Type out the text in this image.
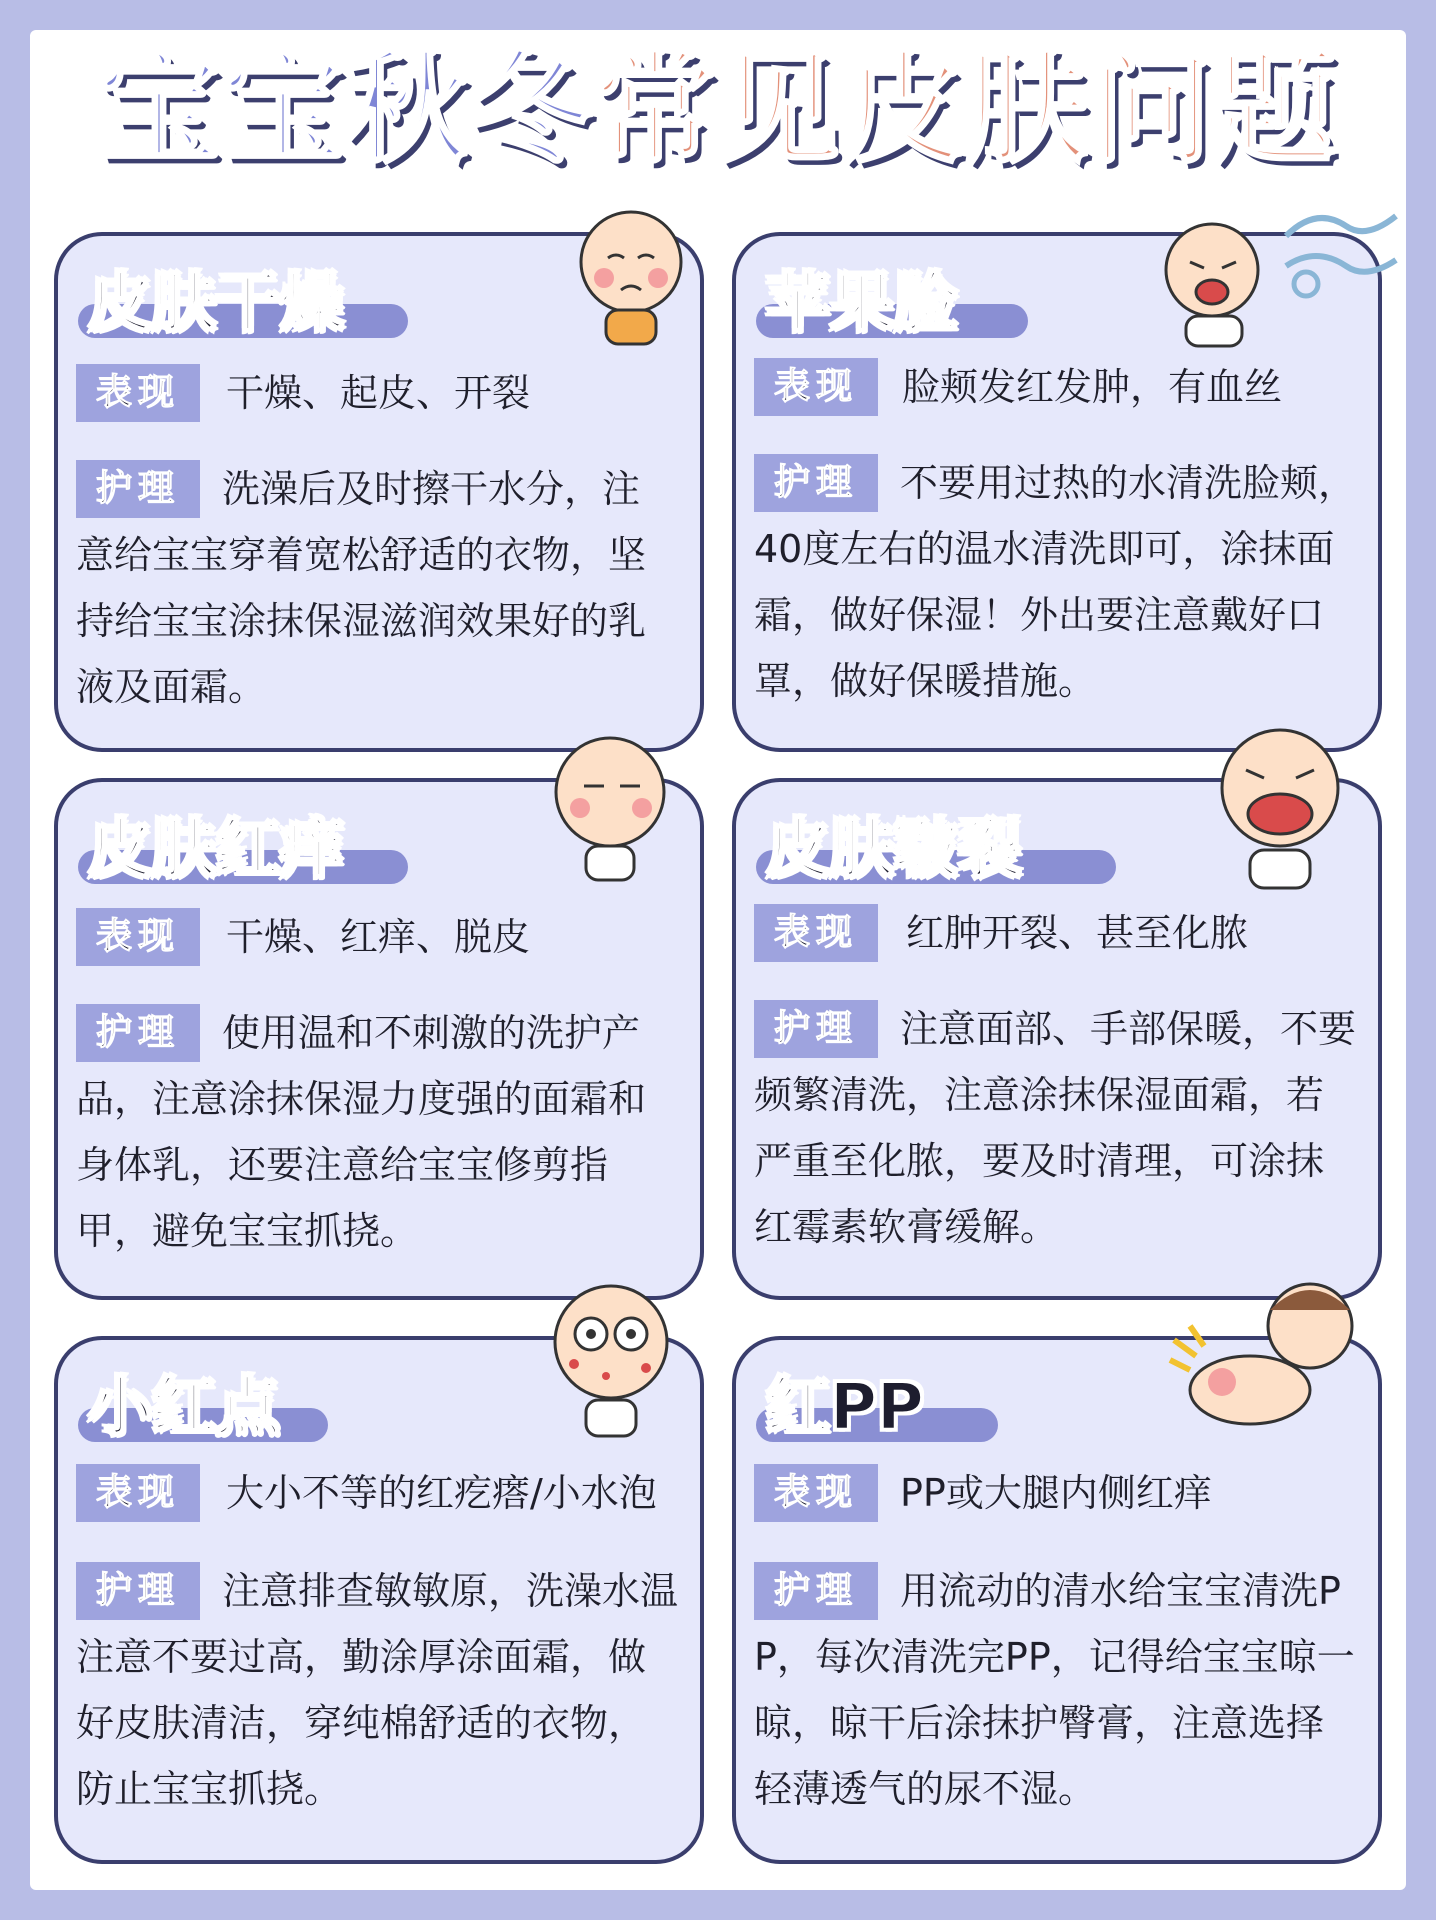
宝宝秋冬常见皮肤问题
皮肤干燥
表现	干燥、起皮、开裂
护理	洗澡后及时擦干水分，注意给宝宝穿着宽松舒适的衣物，坚持给宝宝涂抹保湿滋润效果好的乳液及面霜。
苹果脸
表现	脸颊发红发肿，有血丝
护理	不要用过热的水清洗脸颊，40度左右的温水清洗即可，涂抹面霜，做好保湿！外出要注意戴好口罩，做好保暖措施。
皮肤红痒
表现	干燥、红痒、脱皮
护理	使用温和不刺激的洗护产品，注意涂抹保湿力度强的面霜和身体乳，还要注意给宝宝修剪指甲，避免宝宝抓挠。
皮肤皲裂
表现	红肿开裂、甚至化脓
护理	注意面部、手部保暖，不要频繁清洗，注意涂抹保湿面霜，若严重至化脓，要及时清理，可涂抹红霉素软膏缓解。
小红点
表现	大小不等的红疙瘩/小水泡
护理	注意排查敏敏原，洗澡水温注意不要过高，勤涂厚涂面霜，做好皮肤清洁，穿纯棉舒适的衣物，防止宝宝抓挠。
红PP
表现	PP或大腿内侧红痒
护理	用流动的清水给宝宝清洗PP，每次清洗完PP，记得给宝宝晾一晾，晾干后涂抹护臀膏，注意选择轻薄透气的尿不湿。
